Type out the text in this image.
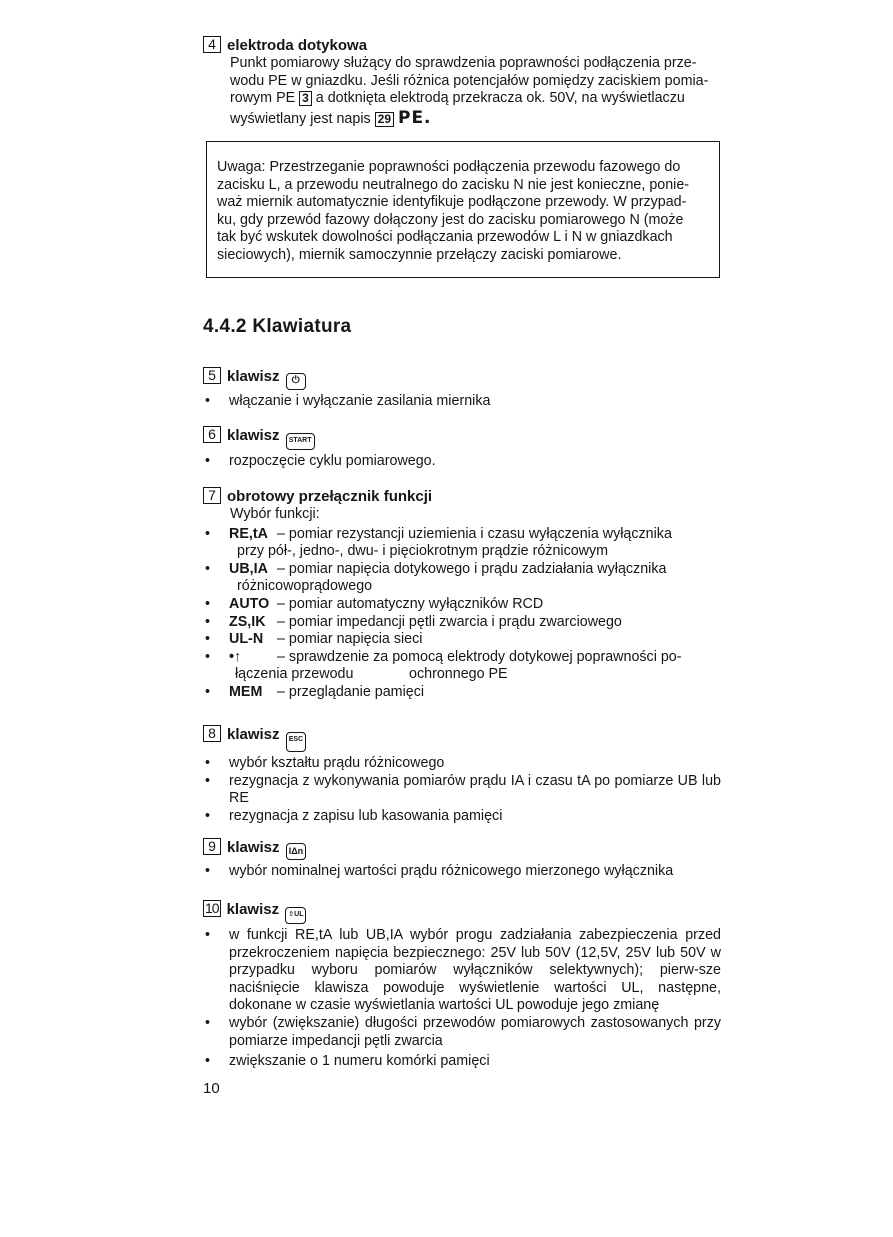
4 elektroda dotykowa
Punkt pomiarowy służący do sprawdzenia poprawności podłączenia prze-
wodu PE w gniazdku. Jeśli różnica potencjałów pomiędzy zaciskiem pomia-
rowym PE 3 a dotknięta elektrodą przekracza ok. 50V, na wyświetlaczu
wyświetlany jest napis 29 PE.
Uwaga: Przestrzeganie poprawności podłączenia przewodu fazowego do
zacisku L, a przewodu neutralnego do zacisku N nie jest konieczne, ponie-
waż miernik automatycznie identyfikuje podłączone przewody. W przypad-
ku, gdy przewód fazowy dołączony jest do zacisku pomiarowego N (może
tak być wskutek dowolności podłączania przewodów L i N w gniazdkach
sieciowych), miernik samoczynnie przełączy zaciski pomiarowe.
4.4.2 Klawiatura
5 klawisz ⏻
• włączanie i wyłączanie zasilania miernika
6 klawisz START
• rozpoczęcie cyklu pomiarowego.
7 obrotowy przełącznik funkcji
Wybór funkcji:
• RE,tA – pomiar rezystancji uziemienia i czasu wyłączenia wyłącznika
przy pół-, jedno-, dwu- i pięciokrotnym prądzie różnicowym
• UB,IA – pomiar napięcia dotykowego i prądu zadziałania wyłącznika
różnicowoprądowego
• AUTO – pomiar automatyczny wyłączników RCD
• ZS,IK – pomiar impedancji pętli zwarcia i prądu zwarciowego
• UL-N – pomiar napięcia sieci
• •↑	– sprawdzenie za pomocą elektrody dotykowej poprawności po-
łączenia przewodu              ochronnego PE
• MEM – przeglądanie pamięci
8 klawisz ESC
• wybór kształtu prądu różnicowego
• rezygnacja z wykonywania pomiarów prądu IA i czasu tA po pomiarze UB lub RE
• rezygnacja z zapisu lub kasowania pamięci
9 klawisz IΔn
• wybór nominalnej wartości prądu różnicowego mierzonego wyłącznika
10 klawisz ⇧UL
• w funkcji RE,tA lub UB,IA wybór progu zadziałania zabezpieczenia przed przekroczeniem napięcia bezpiecznego: 25V lub 50V (12,5V, 25V lub 50V w przypadku wyboru pomiarów wyłączników selektywnych); pierw-sze naciśnięcie klawisza powoduje wyświetlenie wartości UL, następne, dokonane w czasie wyświetlania wartości UL powoduje jego zmianę
• wybór (zwiększanie) długości przewodów pomiarowych zastosowanych przy pomiarze impedancji pętli zwarcia
• zwiększanie o 1 numeru komórki pamięci
10
